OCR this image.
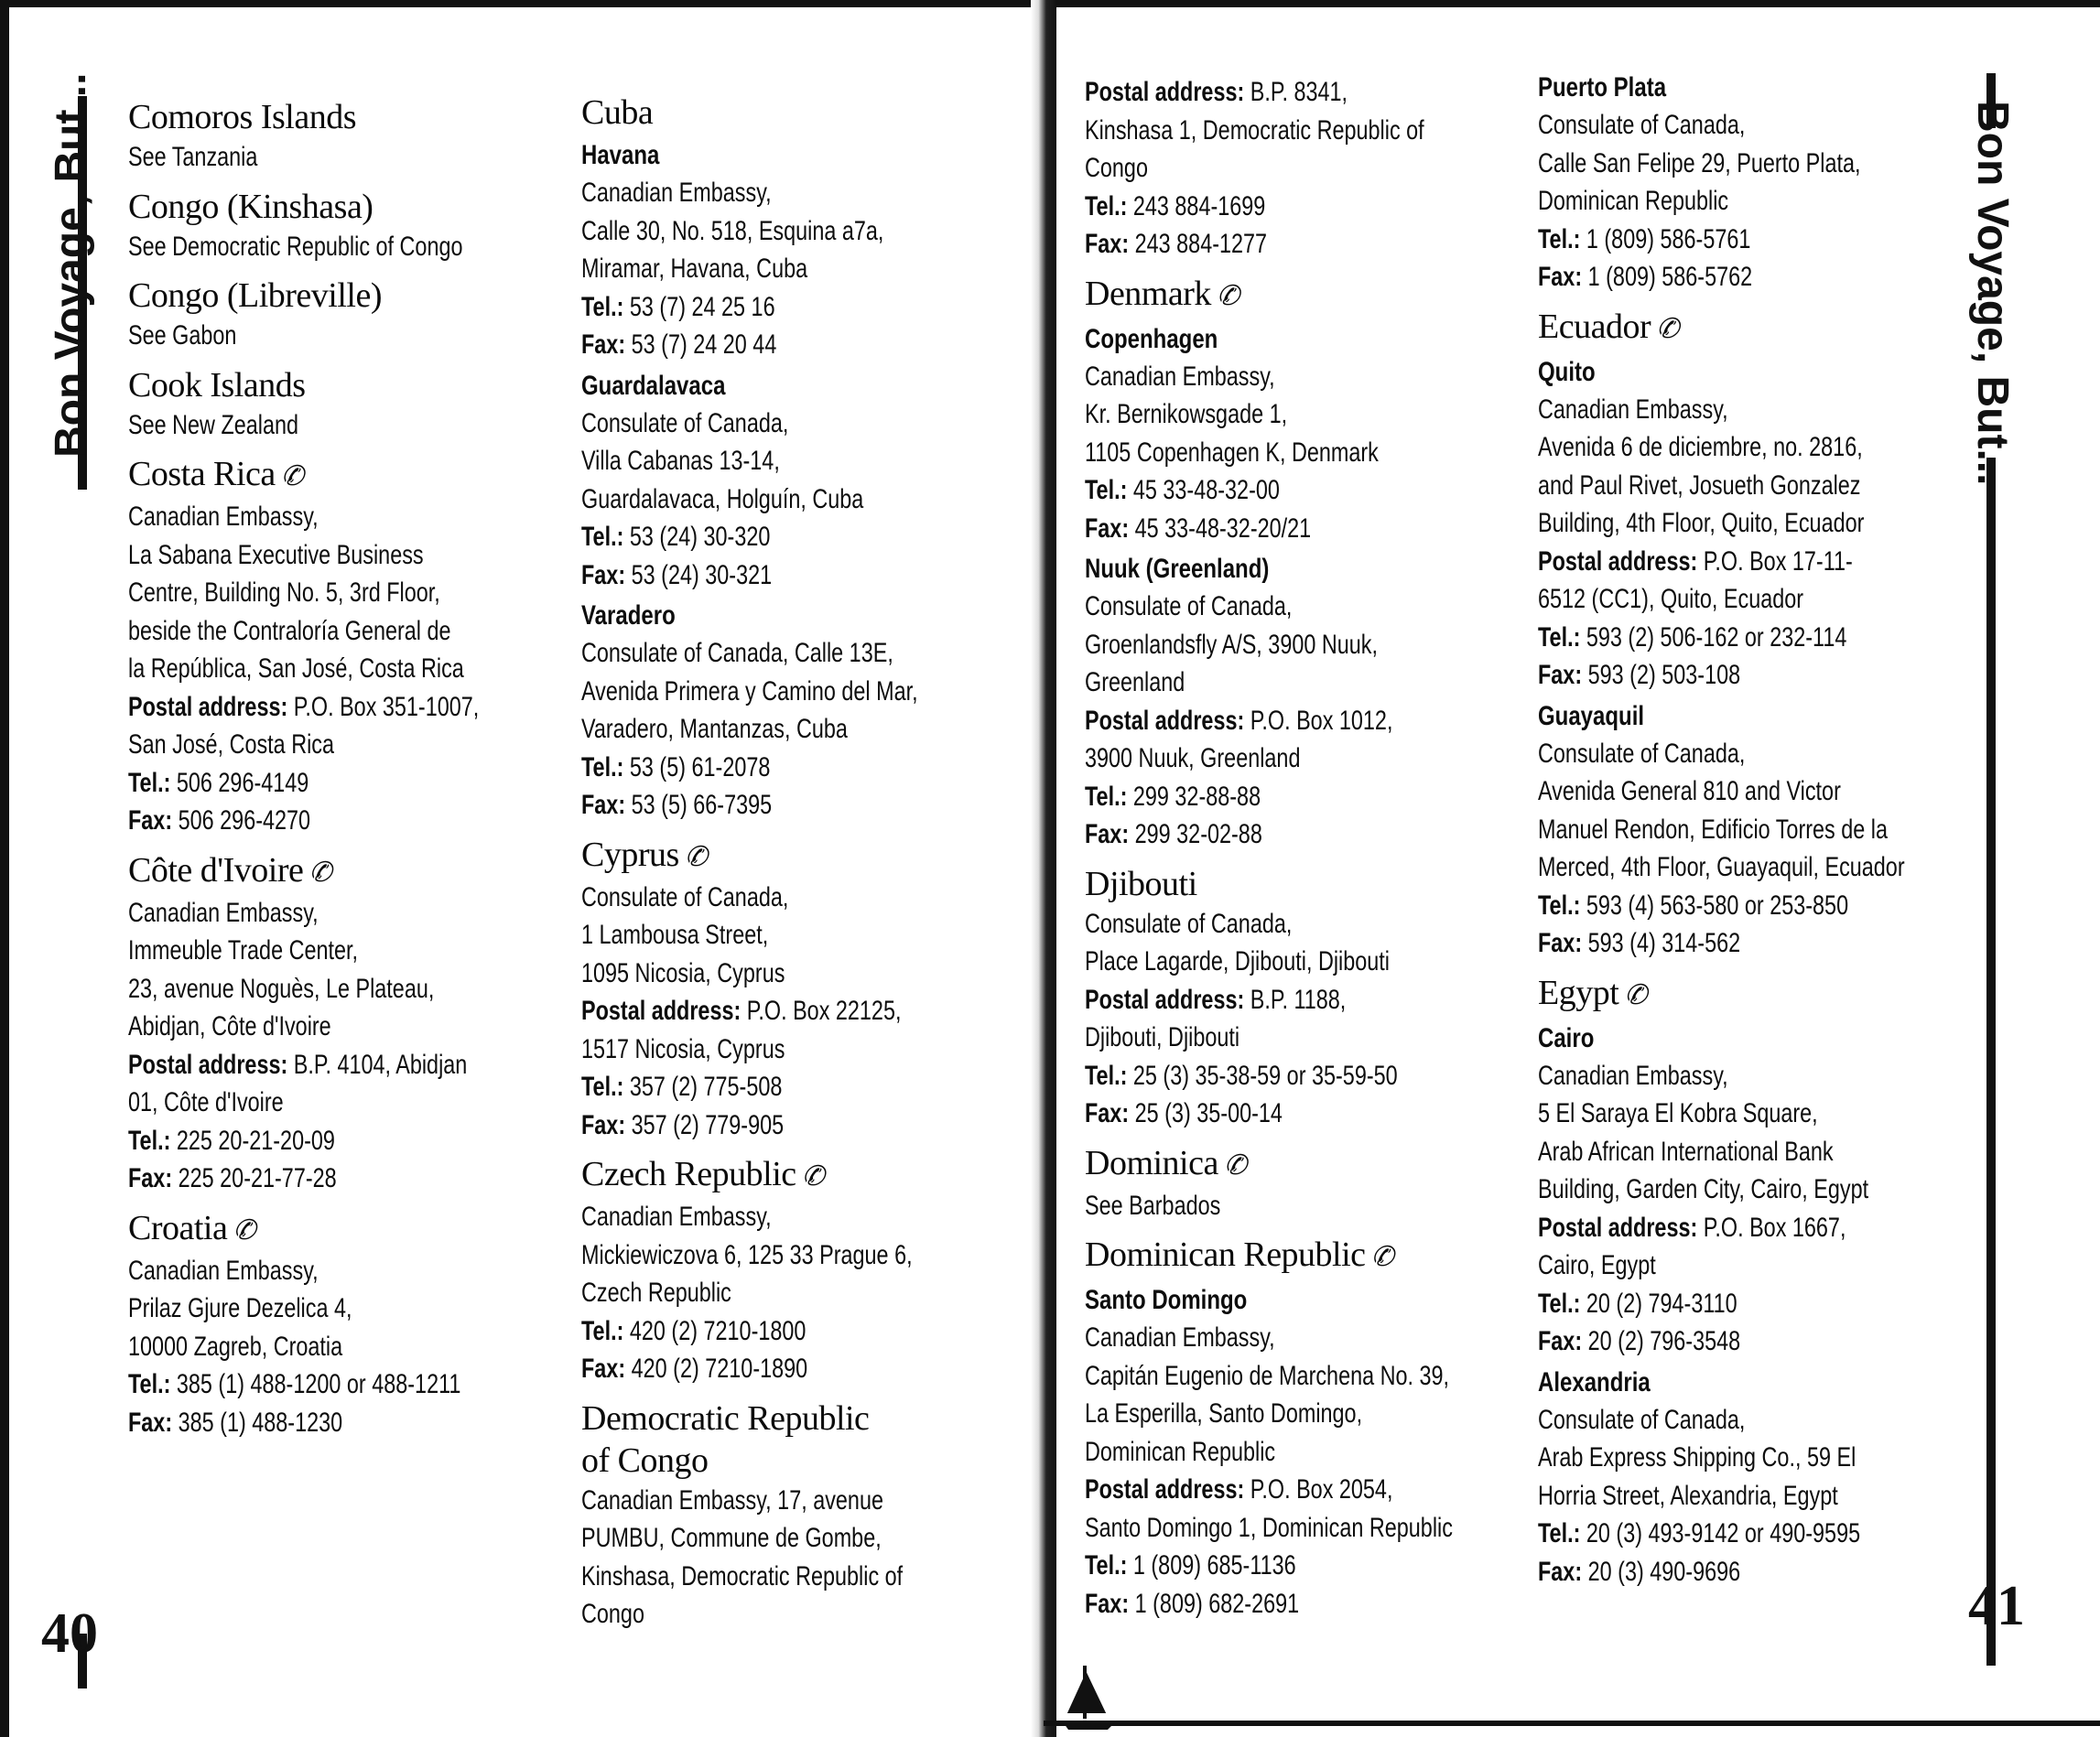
Bon Voyage, But...	Bon Voyage, But...
Comoros Islands
See Tanzania
Congo (Kinshasa)
See Democratic Republic of Congo
Congo (Libreville)
See Gabon
Cook Islands
See New Zealand
Costa Rica ✆
Canadian Embassy,
La Sabana Executive Business
Centre, Building No. 5, 3rd Floor,
beside the Contraloría General de
la República, San José, Costa Rica
Postal address: P.O. Box 351-1007,
San José, Costa Rica
Tel.: 506 296-4149
Fax: 506 296-4270
Côte d'Ivoire ✆
Canadian Embassy,
Immeuble Trade Center,
23, avenue Noguès, Le Plateau,
Abidjan, Côte d'Ivoire
Postal address: B.P. 4104, Abidjan
01, Côte d'Ivoire
Tel.: 225 20-21-20-09
Fax: 225 20-21-77-28
Croatia ✆
Canadian Embassy,
Prilaz Gjure Dezelica 4,
10000 Zagreb, Croatia
Tel.: 385 (1) 488-1200 or 488-1211
Fax: 385 (1) 488-1230
Cuba
Havana
Canadian Embassy,
Calle 30, No. 518, Esquina a7a,
Miramar, Havana, Cuba
Tel.: 53 (7) 24 25 16
Fax: 53 (7) 24 20 44
Guardalavaca
Consulate of Canada,
Villa Cabanas 13-14,
Guardalavaca, Holguín, Cuba
Tel.: 53 (24) 30-320
Fax: 53 (24) 30-321
Varadero
Consulate of Canada, Calle 13E,
Avenida Primera y Camino del Mar,
Varadero, Mantanzas, Cuba
Tel.: 53 (5) 61-2078
Fax: 53 (5) 66-7395
Cyprus ✆
Consulate of Canada,
1 Lambousa Street,
1095 Nicosia, Cyprus
Postal address: P.O. Box 22125,
1517 Nicosia, Cyprus
Tel.: 357 (2) 775-508
Fax: 357 (2) 779-905
Czech Republic ✆
Canadian Embassy,
Mickiewiczova 6, 125 33 Prague 6,
Czech Republic
Tel.: 420 (2) 7210-1800
Fax: 420 (2) 7210-1890
Democratic Republic
of Congo
Canadian Embassy, 17, avenue
PUMBU, Commune de Gombe,
Kinshasa, Democratic Republic of
Congo
Postal address: B.P. 8341,
Kinshasa 1, Democratic Republic of
Congo
Tel.: 243 884-1699
Fax: 243 884-1277
Denmark ✆
Copenhagen
Canadian Embassy,
Kr. Bernikowsgade 1,
1105 Copenhagen K, Denmark
Tel.: 45 33-48-32-00
Fax: 45 33-48-32-20/21
Nuuk (Greenland)
Consulate of Canada,
Groenlandsfly A/S, 3900 Nuuk,
Greenland
Postal address: P.O. Box 1012,
3900 Nuuk, Greenland
Tel.: 299 32-88-88
Fax: 299 32-02-88
Djibouti
Consulate of Canada,
Place Lagarde, Djibouti, Djibouti
Postal address: B.P. 1188,
Djibouti, Djibouti
Tel.: 25 (3) 35-38-59 or 35-59-50
Fax: 25 (3) 35-00-14
Dominica ✆
See Barbados
Dominican Republic ✆
Santo Domingo
Canadian Embassy,
Capitán Eugenio de Marchena No. 39,
La Esperilla, Santo Domingo,
Dominican Republic
Postal address: P.O. Box 2054,
Santo Domingo 1, Dominican Republic
Tel.: 1 (809) 685-1136
Fax: 1 (809) 682-2691
Puerto Plata
Consulate of Canada,
Calle San Felipe 29, Puerto Plata,
Dominican Republic
Tel.: 1 (809) 586-5761
Fax: 1 (809) 586-5762
Ecuador ✆
Quito
Canadian Embassy,
Avenida 6 de diciembre, no. 2816,
and Paul Rivet, Josueth Gonzalez
Building, 4th Floor, Quito, Ecuador
Postal address: P.O. Box 17-11-
6512 (CC1), Quito, Ecuador
Tel.: 593 (2) 506-162 or 232-114
Fax: 593 (2) 503-108
Guayaquil
Consulate of Canada,
Avenida General 810 and Victor
Manuel Rendon, Edificio Torres de la
Merced, 4th Floor, Guayaquil, Ecuador
Tel.: 593 (4) 563-580 or 253-850
Fax: 593 (4) 314-562
Egypt ✆
Cairo
Canadian Embassy,
5 El Saraya El Kobra Square,
Arab African International Bank
Building, Garden City, Cairo, Egypt
Postal address: P.O. Box 1667,
Cairo, Egypt
Tel.: 20 (2) 794-3110
Fax: 20 (2) 796-3548
Alexandria
Consulate of Canada,
Arab Express Shipping Co., 59 El
Horria Street, Alexandria, Egypt
Tel.: 20 (3) 493-9142 or 490-9595
Fax: 20 (3) 490-9696
40	41
